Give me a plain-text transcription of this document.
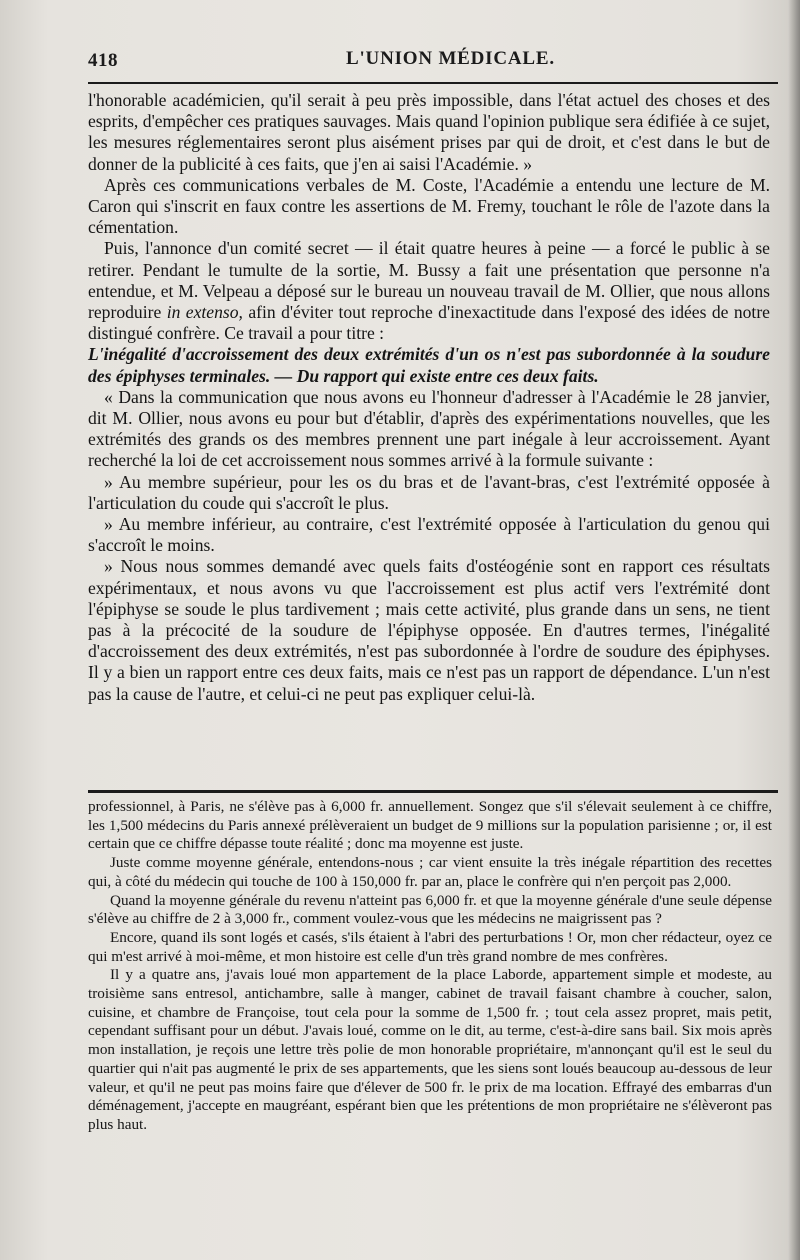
418	L'UNION MÉDICALE.

l'honorable académicien, qu'il serait à peu près impossible, dans l'état actuel des choses et des esprits, d'empêcher ces pratiques sauvages. Mais quand l'opinion publique sera édifiée à ce sujet, les mesures réglementaires seront plus aisément prises par qui de droit, et c'est dans le but de donner de la publicité à ces faits, que j'en ai saisi l'Académie. »

Après ces communications verbales de M. Coste, l'Académie a entendu une lecture de M. Caron qui s'inscrit en faux contre les assertions de M. Fremy, touchant le rôle de l'azote dans la cémentation.

Puis, l'annonce d'un comité secret — il était quatre heures à peine — a forcé le public à se retirer. Pendant le tumulte de la sortie, M. Bussy a fait une présentation que personne n'a entendue, et M. Velpeau a déposé sur le bureau un nouveau travail de M. Ollier, que nous allons reproduire in extenso, afin d'éviter tout reproche d'inexactitude dans l'exposé des idées de notre distingué confrère. Ce travail a pour titre :

L'inégalité d'accroissement des deux extrémités d'un os n'est pas subordonnée à la soudure des épiphyses terminales. — Du rapport qui existe entre ces deux faits.

« Dans la communication que nous avons eu l'honneur d'adresser à l'Académie le 28 janvier, dit M. Ollier, nous avons eu pour but d'établir, d'après des expérimentations nouvelles, que les extrémités des grands os des membres prennent une part inégale à leur accroissement. Ayant recherché la loi de cet accroissement nous sommes arrivé à la formule suivante :

» Au membre supérieur, pour les os du bras et de l'avant-bras, c'est l'extrémité opposée à l'articulation du coude qui s'accroît le plus.

» Au membre inférieur, au contraire, c'est l'extrémité opposée à l'articulation du genou qui s'accroît le moins.

» Nous nous sommes demandé avec quels faits d'ostéogénie sont en rapport ces résultats expérimentaux, et nous avons vu que l'accroissement est plus actif vers l'extrémité dont l'épiphyse se soude le plus tardivement ; mais cette activité, plus grande dans un sens, ne tient pas à la précocité de la soudure de l'épiphyse opposée. En d'autres termes, l'inégalité d'accroissement des deux extrémités, n'est pas subordonnée à l'ordre de soudure des épiphyses. Il y a bien un rapport entre ces deux faits, mais ce n'est pas un rapport de dépendance. L'un n'est pas la cause de l'autre, et celui-ci ne peut pas expliquer celui-là.

professionnel, à Paris, ne s'élève pas à 6,000 fr. annuellement. Songez que s'il s'élevait seulement à ce chiffre, les 1,500 médecins du Paris annexé prélèveraient un budget de 9 millions sur la population parisienne ; or, il est certain que ce chiffre dépasse toute réalité ; donc ma moyenne est juste.

Juste comme moyenne générale, entendons-nous ; car vient ensuite la très inégale répartition des recettes qui, à côté du médecin qui touche de 100 à 150,000 fr. par an, place le confrère qui n'en perçoit pas 2,000.

Quand la moyenne générale du revenu n'atteint pas 6,000 fr. et que la moyenne générale d'une seule dépense s'élève au chiffre de 2 à 3,000 fr., comment voulez-vous que les médecins ne maigrissent pas ?

Encore, quand ils sont logés et casés, s'ils étaient à l'abri des perturbations ! Or, mon cher rédacteur, oyez ce qui m'est arrivé à moi-même, et mon histoire est celle d'un très grand nombre de mes confrères.

Il y a quatre ans, j'avais loué mon appartement de la place Laborde, appartement simple et modeste, au troisième sans entresol, antichambre, salle à manger, cabinet de travail faisant chambre à coucher, salon, cuisine, et chambre de Françoise, tout cela pour la somme de 1,500 fr. ; tout cela assez propret, mais petit, cependant suffisant pour un début. J'avais loué, comme on le dit, au terme, c'est-à-dire sans bail. Six mois après mon installation, je reçois une lettre très polie de mon honorable propriétaire, m'annonçant qu'il est le seul du quartier qui n'ait pas augmenté le prix de ses appartements, que les siens sont loués beaucoup au-dessous de leur valeur, et qu'il ne peut pas moins faire que d'élever de 500 fr. le prix de ma location. Effrayé des embarras d'un déménagement, j'accepte en maugréant, espérant bien que les prétentions de mon propriétaire ne s'élèveront pas plus haut.
